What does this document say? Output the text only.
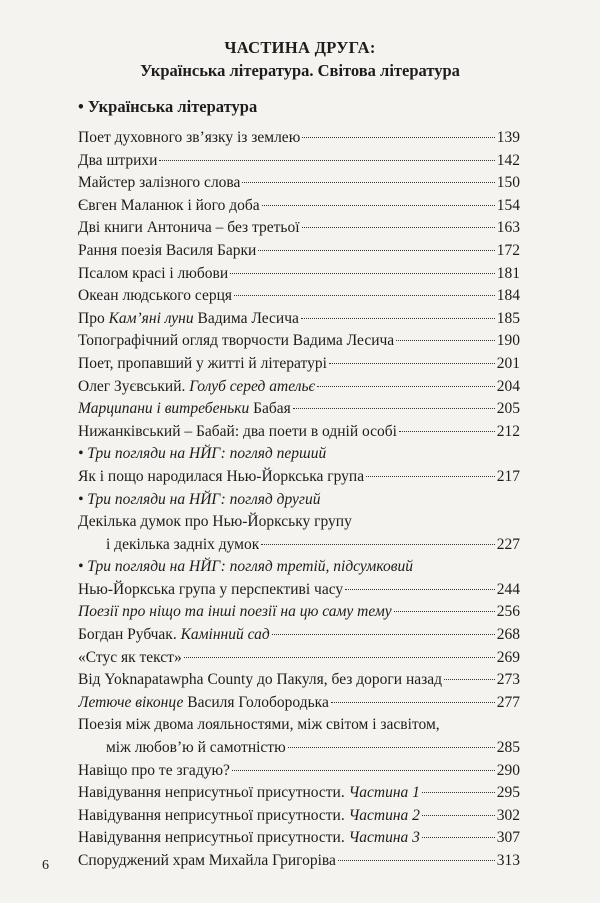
ЧАСТИНА ДРУГА:
Українська література. Світова література
• Українська література
Поет духовного зв’язку із землею	139
Два штрихи	142
Майстер залізного слова	150
Євген Маланюк і його доба	154
Дві книги Антонича – без третьої	163
Рання поезія Василя Барки	172
Псалом красі і любови	181
Океан людського серця	184
Про Кам’яні луни Вадима Лесича	185
Топографічний огляд творчости Вадима Лесича	190
Поет, пропавший у житті й літературі	201
Олег Зуєвський. Голуб серед ательє	204
Марципани і витребеньки Бабая	205
Нижанківський – Бабай: два поети в одній особі	212
• Три погляди на НЙГ: погляд перший
Як і пощо народилася Нью-Йоркська група	217
• Три погляди на НЙГ: погляд другий
Декілька думок про Нью-Йоркську групу
і декілька задніх думок	227
• Три погляди на НЙГ: погляд третій, підсумковий
Нью-Йоркська група у перспективі часу	244
Поезії про ніщо та інші поезії на цю саму тему	256
Богдан Рубчак. Камінний сад	268
«Стус як текст»	269
Від Yoknapatawpha County до Пакуля, без дороги назад	273
Летюче віконце Василя Голобородька	277
Поезія між двома лояльностями, між світом і засвітом,
між любов’ю й самотністю	285
Навіщо про те згадую?	290
Навідування неприсутньої присутности. Частина 1	295
Навідування неприсутньої присутности. Частина 2	302
Навідування неприсутньої присутности. Частина 3	307
Споруджений храм Михайла Григоріва	313
6
